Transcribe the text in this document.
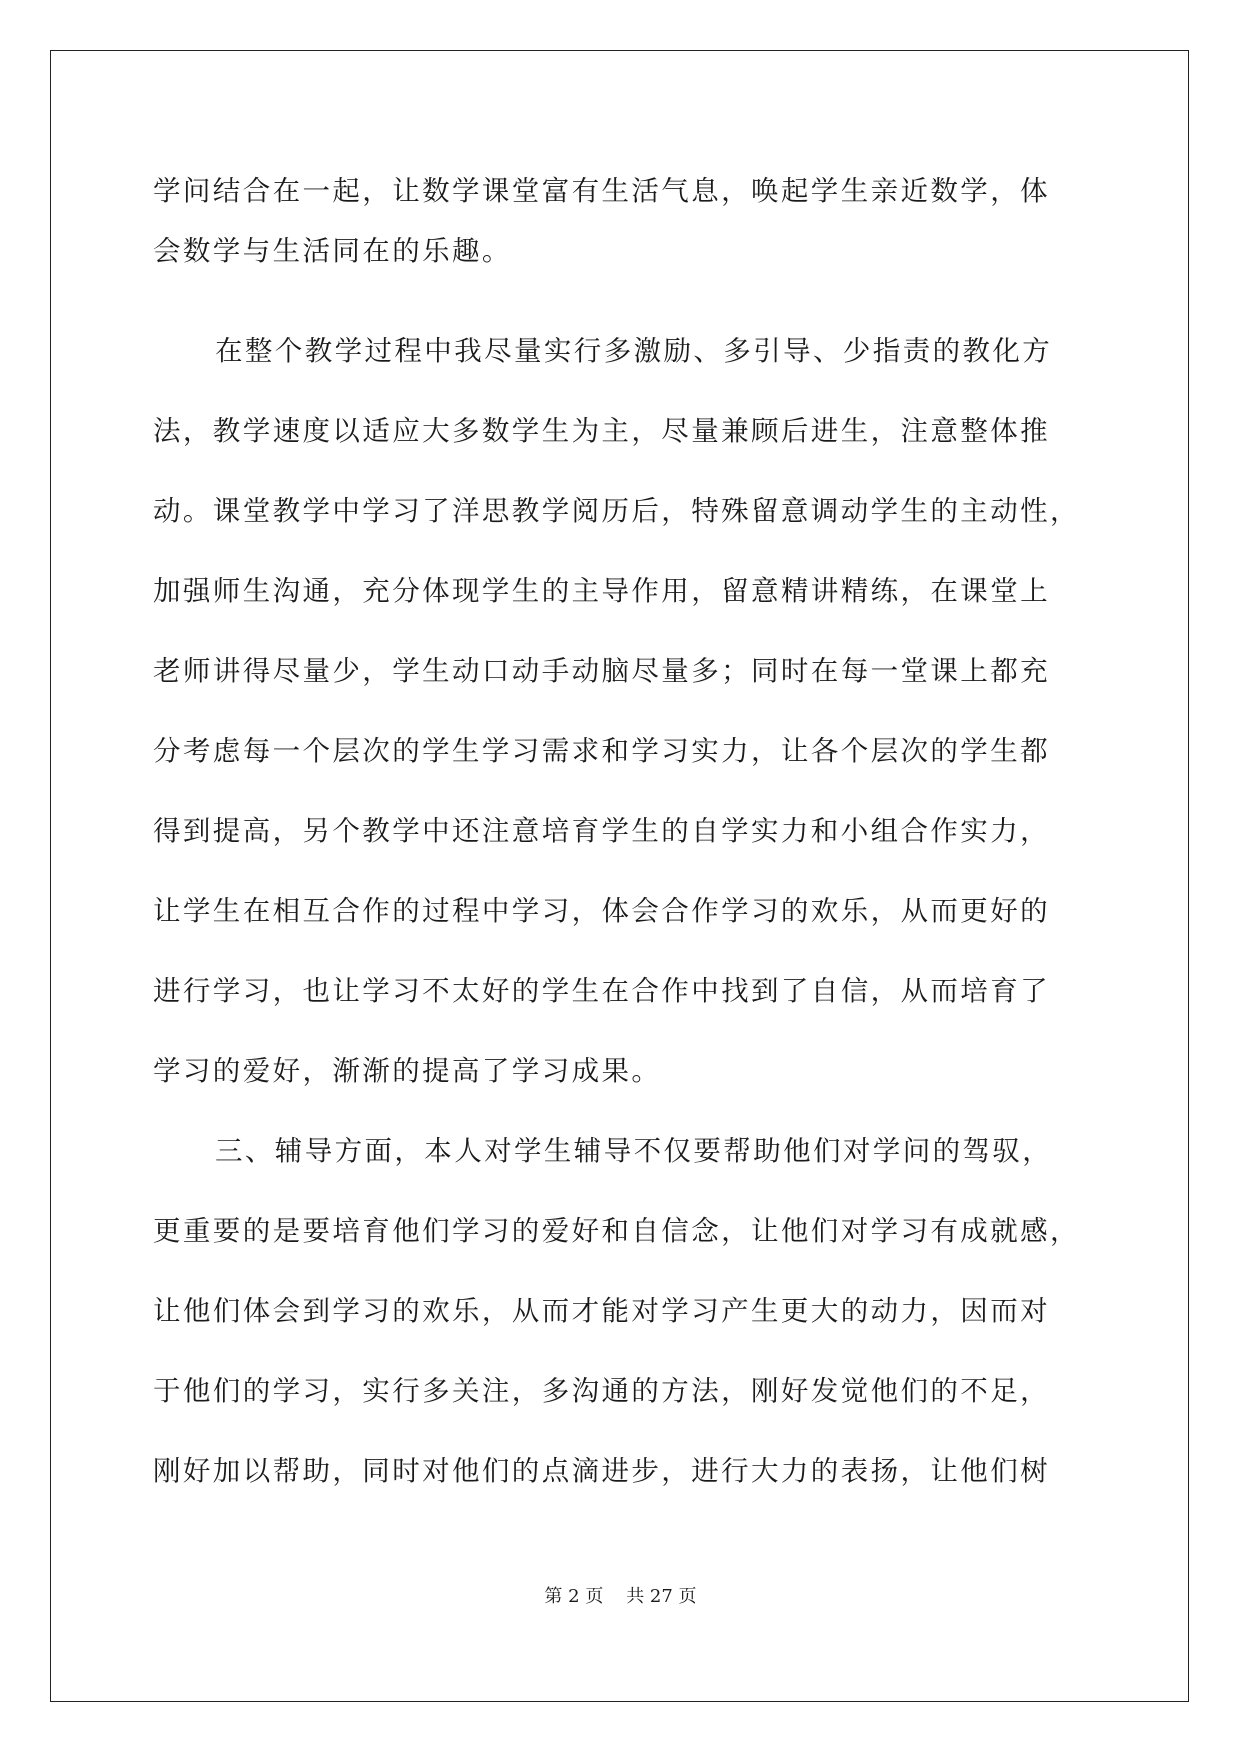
学问结合在一起，让数学课堂富有生活气息，唤起学生亲近数学，体
会数学与生活同在的乐趣。
在整个教学过程中我尽量实行多激励、多引导、少指责的教化方
法，教学速度以适应大多数学生为主，尽量兼顾后进生，注意整体推
动。课堂教学中学习了洋思教学阅历后，特殊留意调动学生的主动性，
加强师生沟通，充分体现学生的主导作用，留意精讲精练，在课堂上
老师讲得尽量少，学生动口动手动脑尽量多；同时在每一堂课上都充
分考虑每一个层次的学生学习需求和学习实力，让各个层次的学生都
得到提高，另个教学中还注意培育学生的自学实力和小组合作实力，
让学生在相互合作的过程中学习，体会合作学习的欢乐，从而更好的
进行学习，也让学习不太好的学生在合作中找到了自信，从而培育了
学习的爱好，渐渐的提高了学习成果。
三、辅导方面，本人对学生辅导不仅要帮助他们对学问的驾驭，
更重要的是要培育他们学习的爱好和自信念，让他们对学习有成就感，
让他们体会到学习的欢乐，从而才能对学习产生更大的动力，因而对
于他们的学习，实行多关注，多沟通的方法，刚好发觉他们的不足，
刚好加以帮助，同时对他们的点滴进步，进行大力的表扬，让他们树
第 2 页    共 27 页
